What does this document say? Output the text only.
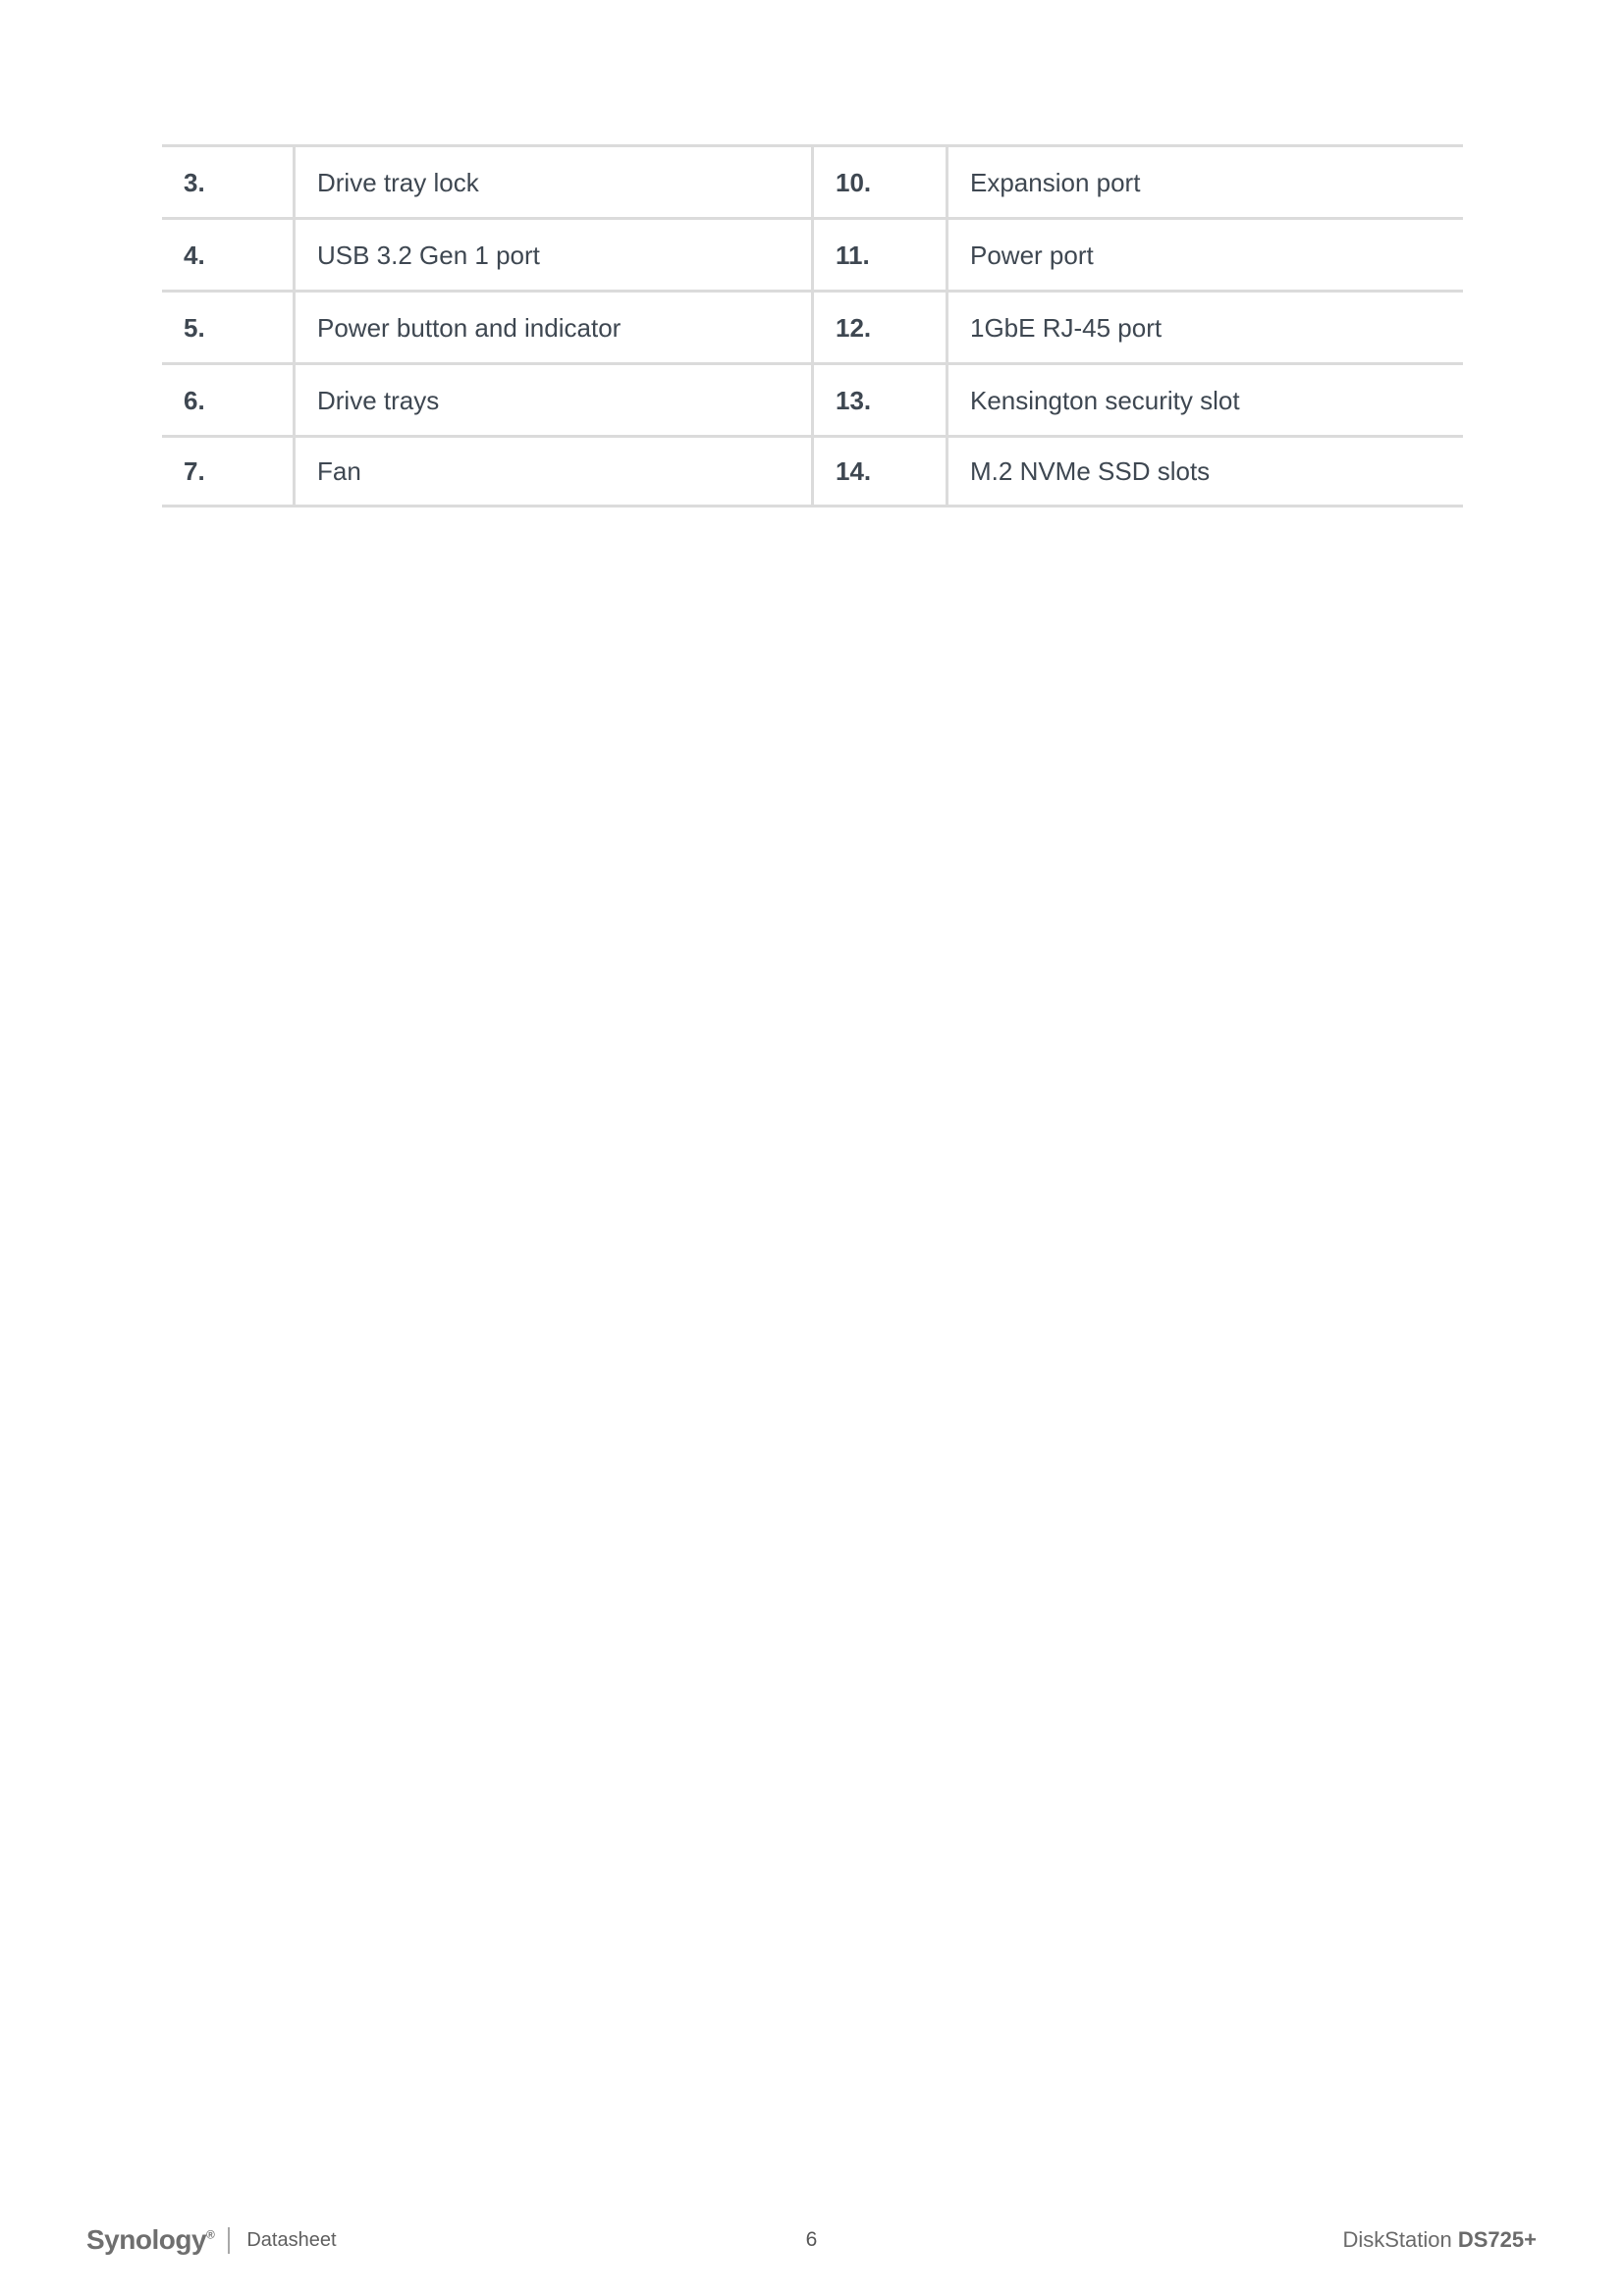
3.	Drive tray lock	10.	Expansion port
4.	USB 3.2 Gen 1 port	11.	Power port
5.	Power button and indicator	12.	1GbE RJ-45 port
6.	Drive trays	13.	Kensington security slot
7.	Fan	14.	M.2 NVMe SSD slots
Synology® Datasheet	6	DiskStation DS725+
